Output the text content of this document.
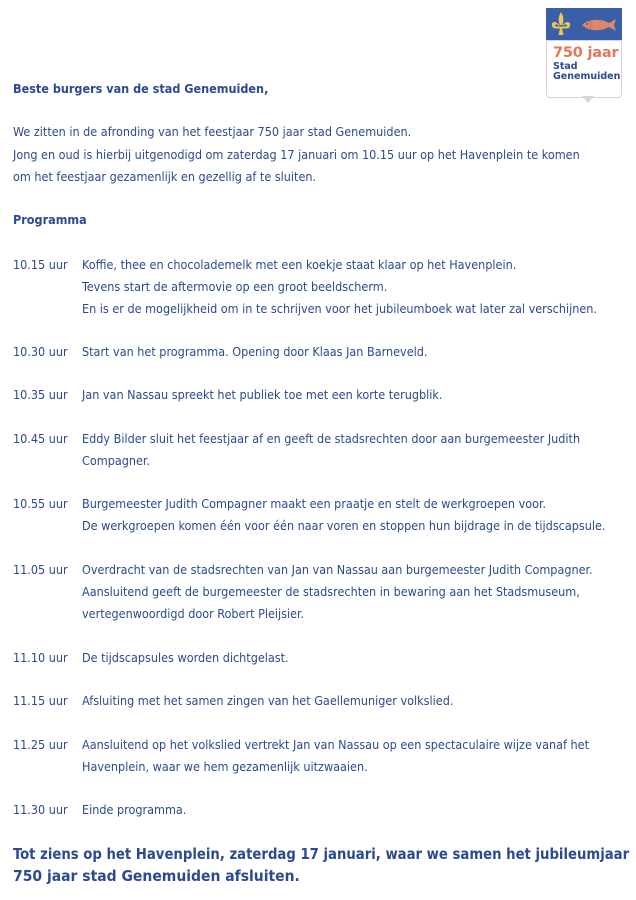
750 jaar
Stad
Genemuiden
Beste burgers van de stad Genemuiden,
We zitten in de afronding van het feestjaar 750 jaar stad Genemuiden.
Jong en oud is hierbij uitgenodigd om zaterdag 17 januari om 10.15 uur op het Havenplein te komen
om het feestjaar gezamenlijk en gezellig af te sluiten.
Programma
10.15 uur Koffie, thee en chocolademelk met een koekje staat klaar op het Havenplein.
Tevens start de aftermovie op een groot beeldscherm.
En is er de mogelijkheid om in te schrijven voor het jubileumboek wat later zal verschijnen.
10.30 uur Start van het programma. Opening door Klaas Jan Barneveld.
10.35 uur Jan van Nassau spreekt het publiek toe met een korte terugblik.
10.45 uur Eddy Bilder sluit het feestjaar af en geeft de stadsrechten door aan burgemeester Judith
Compagner.
10.55 uur Burgemeester Judith Compagner maakt een praatje en stelt de werkgroepen voor.
De werkgroepen komen één voor één naar voren en stoppen hun bijdrage in de tijdscapsule.
11.05 uur Overdracht van de stadsrechten van Jan van Nassau aan burgemeester Judith Compagner.
Aansluitend geeft de burgemeester de stadsrechten in bewaring aan het Stadsmuseum,
vertegenwoordigd door Robert Pleijsier.
11.10 uur De tijdscapsules worden dichtgelast.
11.15 uur Afsluiting met het samen zingen van het Gaellemuniger volkslied.
11.25 uur Aansluitend op het volkslied vertrekt Jan van Nassau op een spectaculaire wijze vanaf het
Havenplein, waar we hem gezamenlijk uitzwaaien.
11.30 uur Einde programma.
Tot ziens op het Havenplein, zaterdag 17 januari, waar we samen het jubileumjaar
750 jaar stad Genemuiden afsluiten.
